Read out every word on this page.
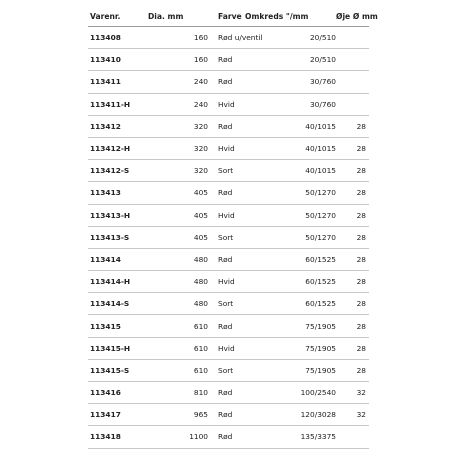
Varenr.	Dia. mm	Farve Omkreds "/mm	Øje Ø mm
113408	160 Rød u/ventil	20/510
113410	160 Rød	20/510
113411	240 Rød	30/760
113411-H	240 Hvid	30/760
113412	320 Rød	40/1015	28
113412-H	320 Hvid	40/1015	28
113412-S	320 Sort	40/1015	28
113413	405 Rød	50/1270	28
113413-H	405 Hvid	50/1270	28
113413-S	405 Sort	50/1270	28
113414	480 Rød	60/1525	28
113414-H	480 Hvid	60/1525	28
113414-S	480 Sort	60/1525	28
113415	610 Rød	75/1905	28
113415-H	610 Hvid	75/1905	28
113415-S	610 Sort	75/1905	28
113416	810 Rød	100/2540	32
113417	965 Rød	120/3028	32
113418	1100 Rød	135/3375
